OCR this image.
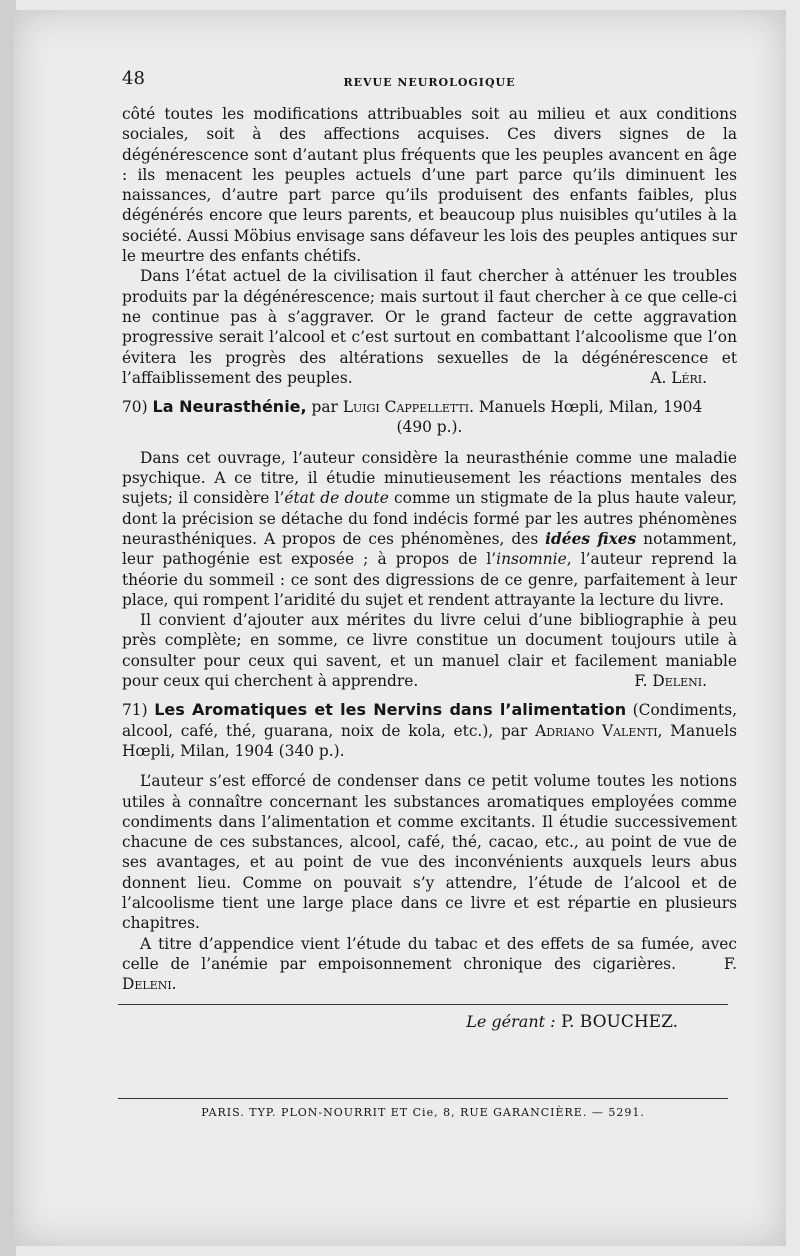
48	REVUE NEUROLOGIQUE

côté toutes les modifications attribuables soit au milieu et aux conditions sociales, soit à des affections acquises. Ces divers signes de la dégénérescence sont d’autant plus fréquents que les peuples avancent en âge : ils menacent les peuples actuels d’une part parce qu’ils diminuent les naissances, d’autre part parce qu’ils produisent des enfants faibles, plus dégénérés encore que leurs parents, et beaucoup plus nuisibles qu’utiles à la société. Aussi Möbius envisage sans défaveur les lois des peuples antiques sur le meurtre des enfants chétifs.

Dans l’état actuel de la civilisation il faut chercher à atténuer les troubles produits par la dégénérescence; mais surtout il faut chercher à ce que celle-ci ne continue pas à s’aggraver. Or le grand facteur de cette aggravation progressive serait l’alcool et c’est surtout en combattant l’alcoolisme que l’on évitera les progrès des altérations sexuelles de la dégénérescence et l’affaiblissement des peuples.	A. Léri.

70) La Neurasthénie, par Luigi Cappelletti. Manuels Hœpli, Milan, 1904

(490 p.).

Dans cet ouvrage, l’auteur considère la neurasthénie comme une maladie psychique. A ce titre, il étudie minutieusement les réactions mentales des sujets; il considère l’état de doute comme un stigmate de la plus haute valeur, dont la précision se détache du fond indécis formé par les autres phénomènes neurasthéniques. A propos de ces phénomènes, des idées fixes notamment, leur pathogénie est exposée ; à propos de l’insomnie, l’auteur reprend la théorie du sommeil : ce sont des digressions de ce genre, parfaitement à leur place, qui rompent l’aridité du sujet et rendent attrayante la lecture du livre.

Il convient d’ajouter aux mérites du livre celui d’une bibliographie à peu près complète; en somme, ce livre constitue un document toujours utile à consulter pour ceux qui savent, et un manuel clair et facilement maniable pour ceux qui cherchent à apprendre.	F. Deleni.

71) Les Aromatiques et les Nervins dans l’alimentation (Condiments, alcool, café, thé, guarana, noix de kola, etc.), par Adriano Valenti, Manuels Hœpli, Milan, 1904 (340 p.).

L’auteur s’est efforcé de condenser dans ce petit volume toutes les notions utiles à connaître concernant les substances aromatiques employées comme condiments dans l’alimentation et comme excitants. Il étudie successivement chacune de ces substances, alcool, café, thé, cacao, etc., au point de vue de ses avantages, et au point de vue des inconvénients auxquels leurs abus donnent lieu. Comme on pouvait s’y attendre, l’étude de l’alcool et de l’alcoolisme tient une large place dans ce livre et est répartie en plusieurs chapitres.

A titre d’appendice vient l’étude du tabac et des effets de sa fumée, avec celle de l’anémie par empoisonnement chronique des cigarières.	F. Deleni.

Le gérant : P. BOUCHEZ.
PARIS. TYP. PLON-NOURRIT ET Cie, 8, RUE GARANCIÈRE. — 5291.
